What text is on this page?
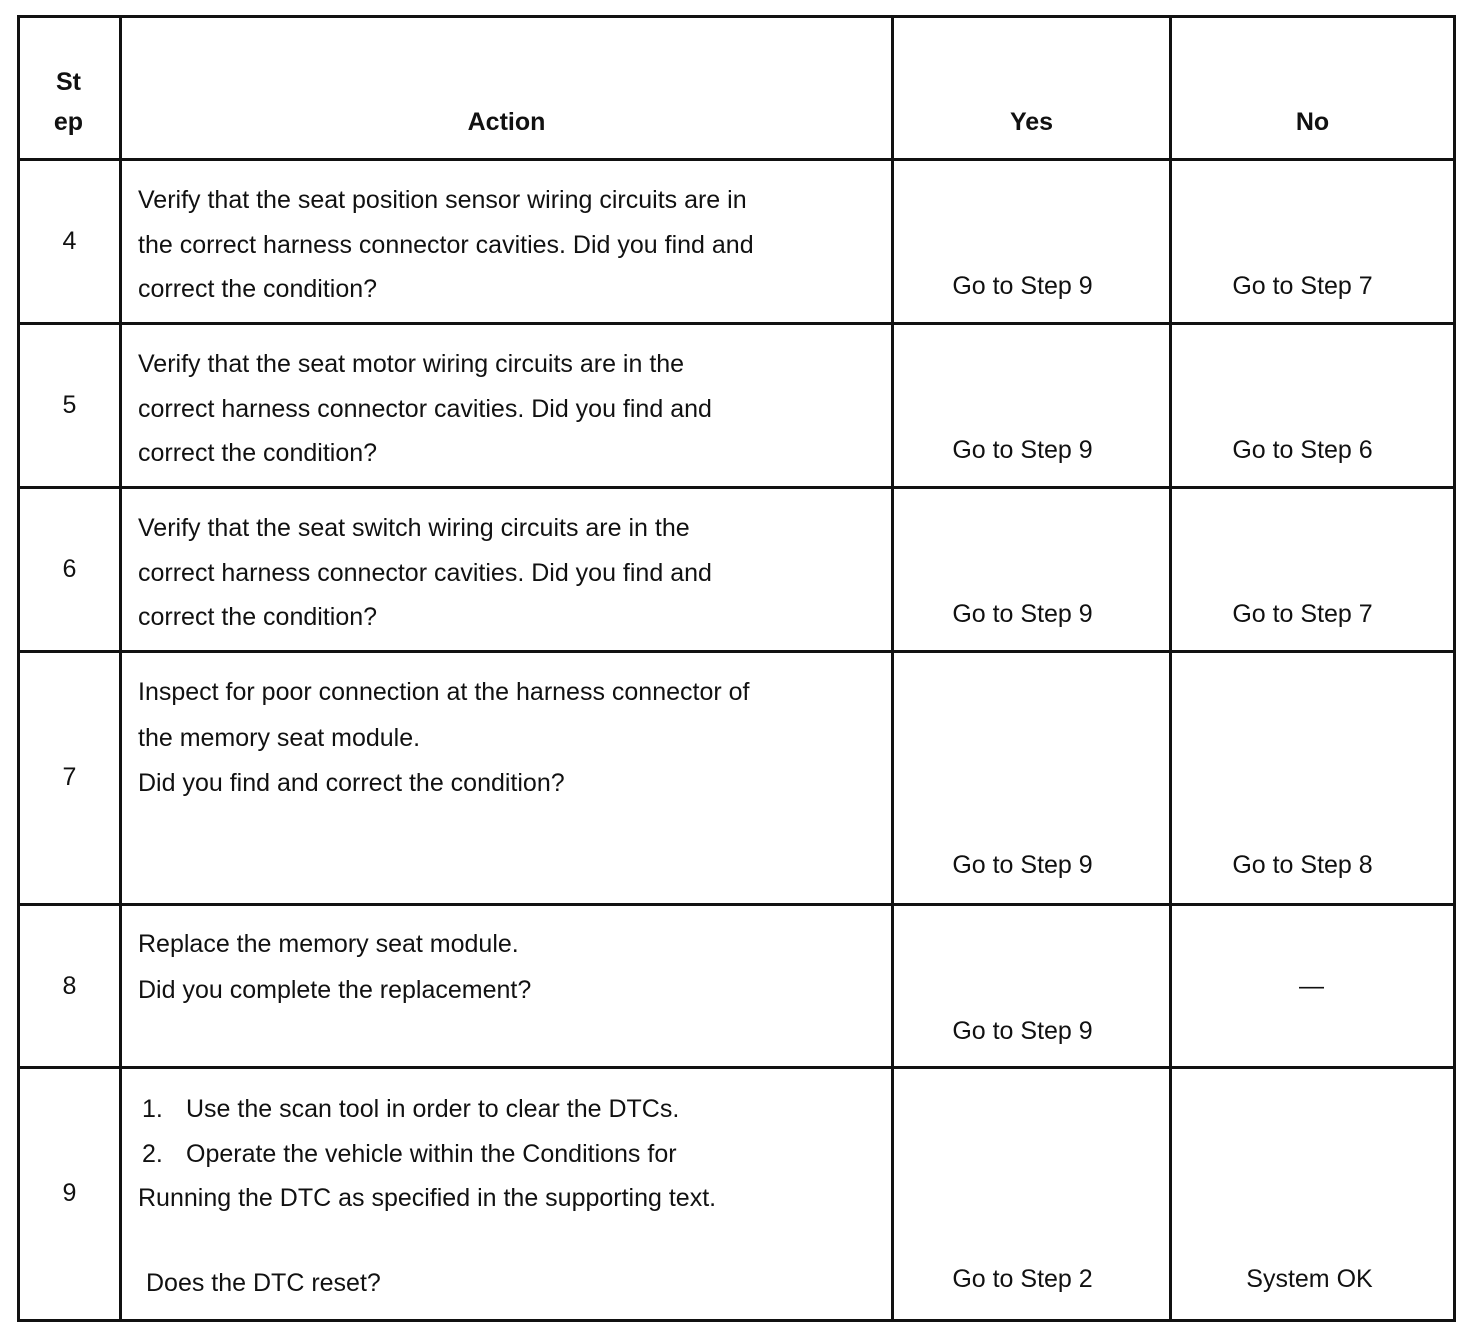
St
ep	Action	Yes	No

4	Verify that the seat position sensor wiring circuits are in

the correct harness connector cavities. Did you find and

correct the condition?	Go to Step 9	Go to Step 7

5	Verify that the seat motor wiring circuits are in the

correct harness connector cavities. Did you find and

correct the condition?	Go to Step 9	Go to Step 6

6	Verify that the seat switch wiring circuits are in the

correct harness connector cavities. Did you find and

correct the condition?	Go to Step 9	Go to Step 7

7	Inspect for poor connection at the harness connector of

the memory seat module.

Did you find and correct the condition?	Go to Step 9	Go to Step 8

8	Replace the memory seat module.

Did you complete the replacement?	Go to Step 9	—

9	1. Use the scan tool in order to clear the DTCs.
2. Operate the vehicle within the Conditions for

Running the DTC as specified in the supporting text.

Does the DTC reset?	Go to Step 2	System OK
